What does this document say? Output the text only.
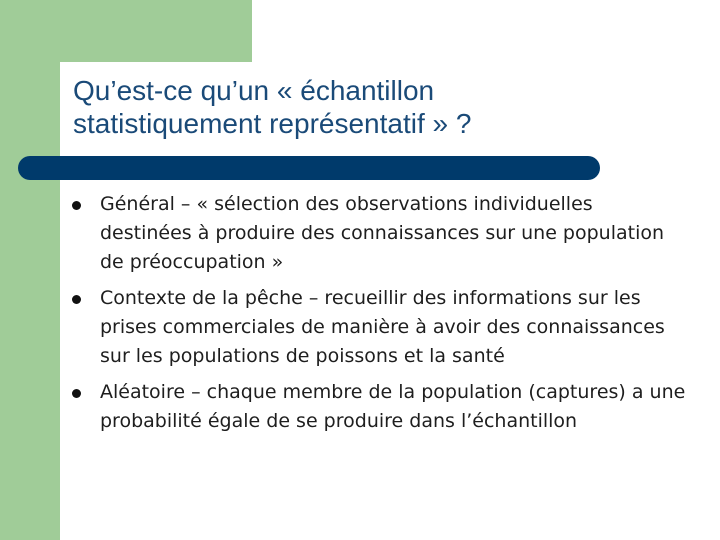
Qu’est-ce qu’un « échantillon
statistiquement représentatif » ?
Général – « sélection des observations individuelles destinées à produire des connaissances sur une population de préoccupation »
Contexte de la pêche – recueillir des informations sur les prises commerciales de manière à avoir des connaissances sur les populations de poissons et la santé
Aléatoire – chaque membre de la population (captures) a une probabilité égale de se produire dans l’échantillon
